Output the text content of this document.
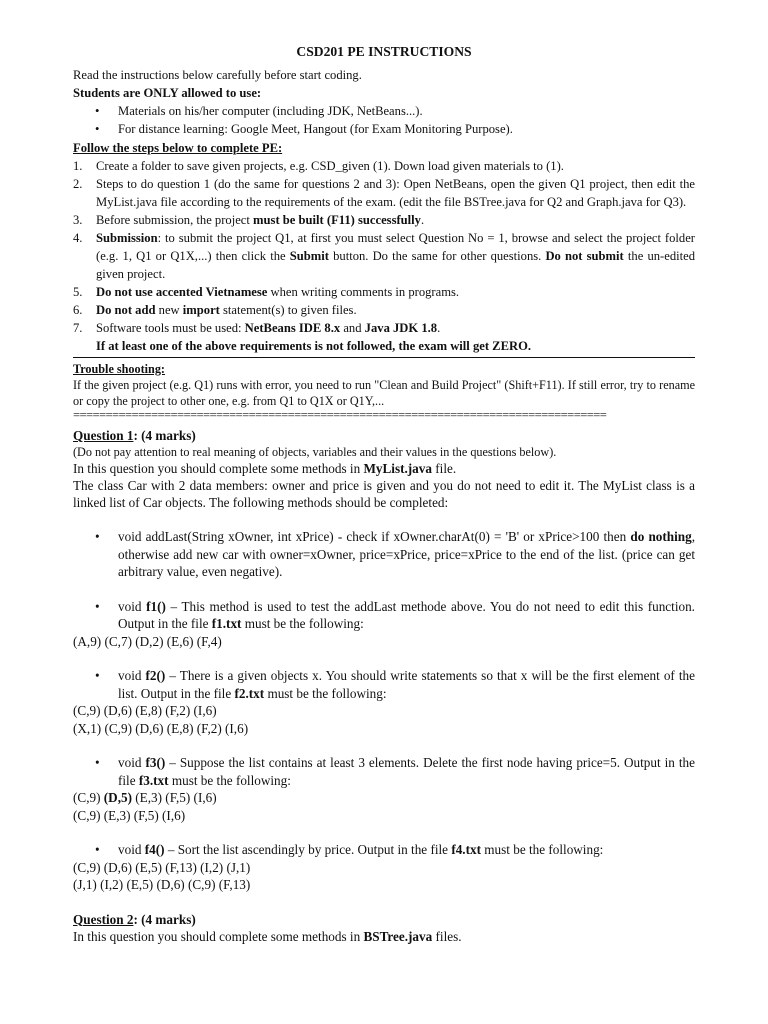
CSD201 PE INSTRUCTIONS

Read the instructions below carefully before start coding.

Students are ONLY allowed to use:

• Materials on his/her computer (including JDK, NetBeans...).
• For distance learning: Google Meet, Hangout (for Exam Monitoring Purpose).

Follow the steps below to complete PE:

1. Create a folder to save given projects, e.g. CSD_given (1). Down load given materials to (1).
2. Steps to do question 1 (do the same for questions 2 and 3): Open NetBeans, open the given Q1 project, then edit the MyList.java file according to the requirements of the exam. (edit the file BSTree.java for Q2 and Graph.java for Q3).
3. Before submission, the project must be built (F11) successfully.
4. Submission: to submit the project Q1, at first you must select Question No = 1, browse and select the project folder (e.g. 1, Q1 or Q1X,...) then click the Submit button. Do the same for other questions. Do not submit the un-edited given project.
5. Do not use accented Vietnamese when writing comments in programs.
6. Do not add new import statement(s) to given files.
7. Software tools must be used: NetBeans IDE 8.x and Java JDK 1.8.

If at least one of the above requirements is not followed, the exam will get ZERO.

Trouble shooting:

If the given project (e.g. Q1) runs with error, you need to run "Clean and Build Project" (Shift+F11). If still error, try to rename or copy the project to other one, e.g. from Q1 to Q1X or Q1Y,...

==================================================================================

Question 1: (4 marks)

(Do not pay attention to real meaning of objects, variables and their values in the questions below).

In this question you should complete some methods in MyList.java file.

The class Car with 2 data members: owner and price is given and you do not need to edit it. The MyList class is a linked list of Car objects. The following methods should be completed:

• void addLast(String xOwner, int xPrice) - check if xOwner.charAt(0) = 'B' or xPrice>100 then do nothing, otherwise add new car with owner=xOwner, price=xPrice, price=xPrice to the end of the list. (price can get arbitrary value, even negative).
• void f1() – This method is used to test the addLast methode above. You do not need to edit this function. Output in the file f1.txt must be the following:

(A,9) (C,7) (D,2) (E,6) (F,4)

• void f2() – There is a given objects x. You should write statements so that x will be the first element of the list. Output in the file f2.txt must be the following:

(C,9) (D,6) (E,8) (F,2) (I,6)

(X,1) (C,9) (D,6) (E,8) (F,2) (I,6)

• void f3() – Suppose the list contains at least 3 elements. Delete the first node having price=5. Output in the file f3.txt must be the following:

(C,9) (D,5) (E,3) (F,5) (I,6)

(C,9) (E,3) (F,5) (I,6)

• void f4() – Sort the list ascendingly by price. Output in the file f4.txt must be the following:

(C,9) (D,6) (E,5) (F,13) (I,2) (J,1)

(J,1) (I,2) (E,5) (D,6) (C,9) (F,13)

Question 2: (4 marks)

In this question you should complete some methods in BSTree.java files.
